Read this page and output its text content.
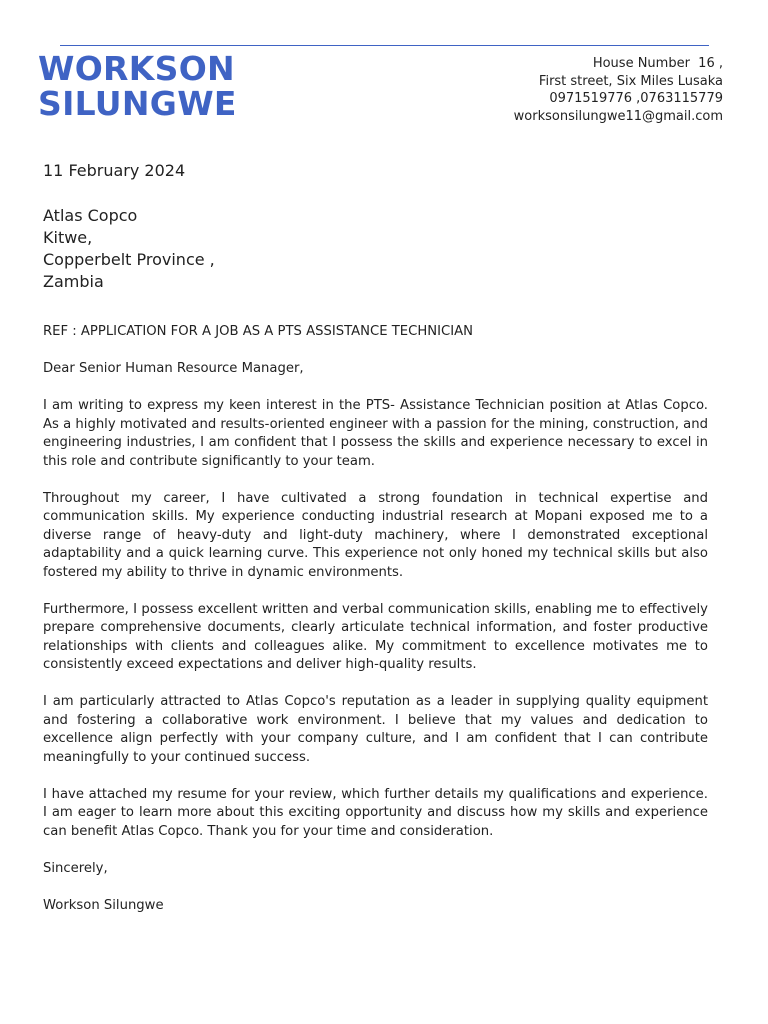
WORKSON
SILUNGWE
House Number  16 ,
First street, Six Miles Lusaka
0971519776 ,0763115779
worksonsilungwe11@gmail.com
11 February 2024
Atlas Copco
Kitwe,
Copperbelt Province ,
Zambia

REF : APPLICATION FOR A JOB AS A PTS ASSISTANCE TECHNICIAN

Dear Senior Human Resource Manager,

I am writing to express my keen interest in the PTS- Assistance Technician position at Atlas Copco. As a highly motivated and results-oriented engineer with a passion for the mining, construction, and engineering industries, I am confident that I possess the skills and experience necessary to excel in this role and contribute significantly to your team.

Throughout my career, I have cultivated a strong foundation in technical expertise and communication skills. My experience conducting industrial research at Mopani exposed me to a diverse range of heavy-duty and light-duty machinery, where I demonstrated exceptional adaptability and a quick learning curve. This experience not only honed my technical skills but also fostered my ability to thrive in dynamic environments.

Furthermore, I possess excellent written and verbal communication skills, enabling me to effectively prepare comprehensive documents, clearly articulate technical information, and foster productive relationships with clients and colleagues alike. My commitment to excellence motivates me to consistently exceed expectations and deliver high-quality results.

I am particularly attracted to Atlas Copco's reputation as a leader in supplying quality equipment and fostering a collaborative work environment. I believe that my values and dedication to excellence align perfectly with your company culture, and I am confident that I can contribute meaningfully to your continued success.

I have attached my resume for your review, which further details my qualifications and experience. I am eager to learn more about this exciting opportunity and discuss how my skills and experience can benefit Atlas Copco. Thank you for your time and consideration.

Sincerely,

Workson Silungwe
